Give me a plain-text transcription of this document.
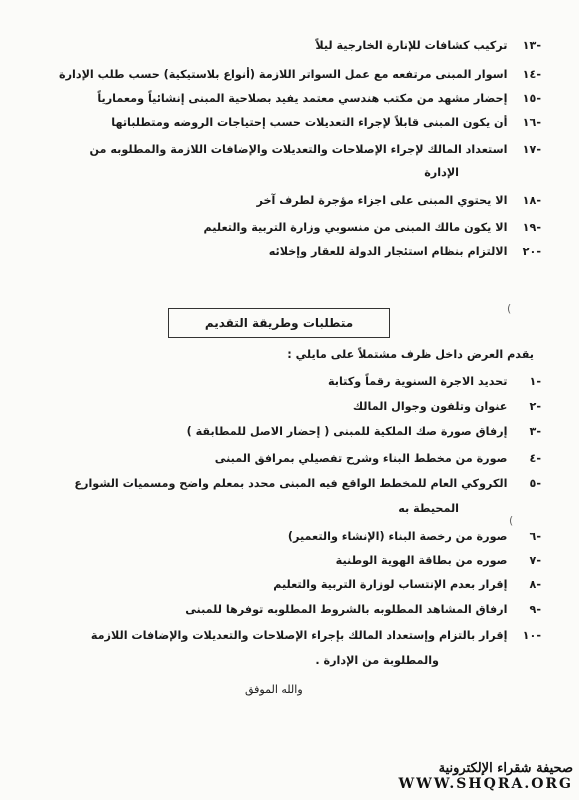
-١٣ تركيب كشافات للإنارة الخارجية ليلاً
-١٤ اسوار المبنى مرتفعه مع عمل السواتر اللازمة (أنواع بلاستيكية) حسب طلب الإدارة
-١٥ إحضار مشهد من مكتب هندسي معتمد يفيد بصلاحية المبنى إنشائياً ومعمارياً
-١٦ أن يكون المبنى قابلاً لإجراء التعديلات حسب إحتياجات الروضه ومتطلباتها
-١٧ استعداد المالك لإجراء الإصلاحات والتعديلات والإضافات اللازمة والمطلوبه من
الإدارة
-١٨ الا يحتوي المبنى على اجزاء مؤجرة لطرف آخر
-١٩ الا يكون مالك المبنى من منسوبي وزارة التربية والتعليم
-٢٠ الالتزام بنظام استئجار الدولة للعقار وإخلائه
(
متطلبات وطريقة التقديم
يقدم العرض داخل ظرف مشتملاً على مايلي :
-١ تحديد الاجرة السنوية رقماً وكتابة
-٢ عنوان وتلفون وجوال المالك
-٣ إرفاق صورة صك الملكية للمبنى ( إحضار الاصل للمطابقة )
-٤ صورة من مخطط البناء وشرح تفصيلي بمرافق المبنى
-٥ الكروكي العام للمخطط الواقع فيه المبنى محدد بمعلم واضح ومسميات الشوارع
المحيطة به
-٦ صورة من رخصة البناء (الإنشاء والتعمير)
-٧ صوره من بطاقة الهوية الوطنية
-٨ إقرار بعدم الإنتساب لوزارة التربية والتعليم
-٩ ارفاق المشاهد المطلوبه بالشروط المطلوبه توفرها للمبنى
-١٠ إقرار بالتزام وإستعداد المالك بإجراء الإصلاحات والتعديلات والإضافات اللازمة
والمطلوبة من الإدارة .
(
والله الموفق
صحيفة شقراء الإلكترونية
WWW.SHQRA.ORG
